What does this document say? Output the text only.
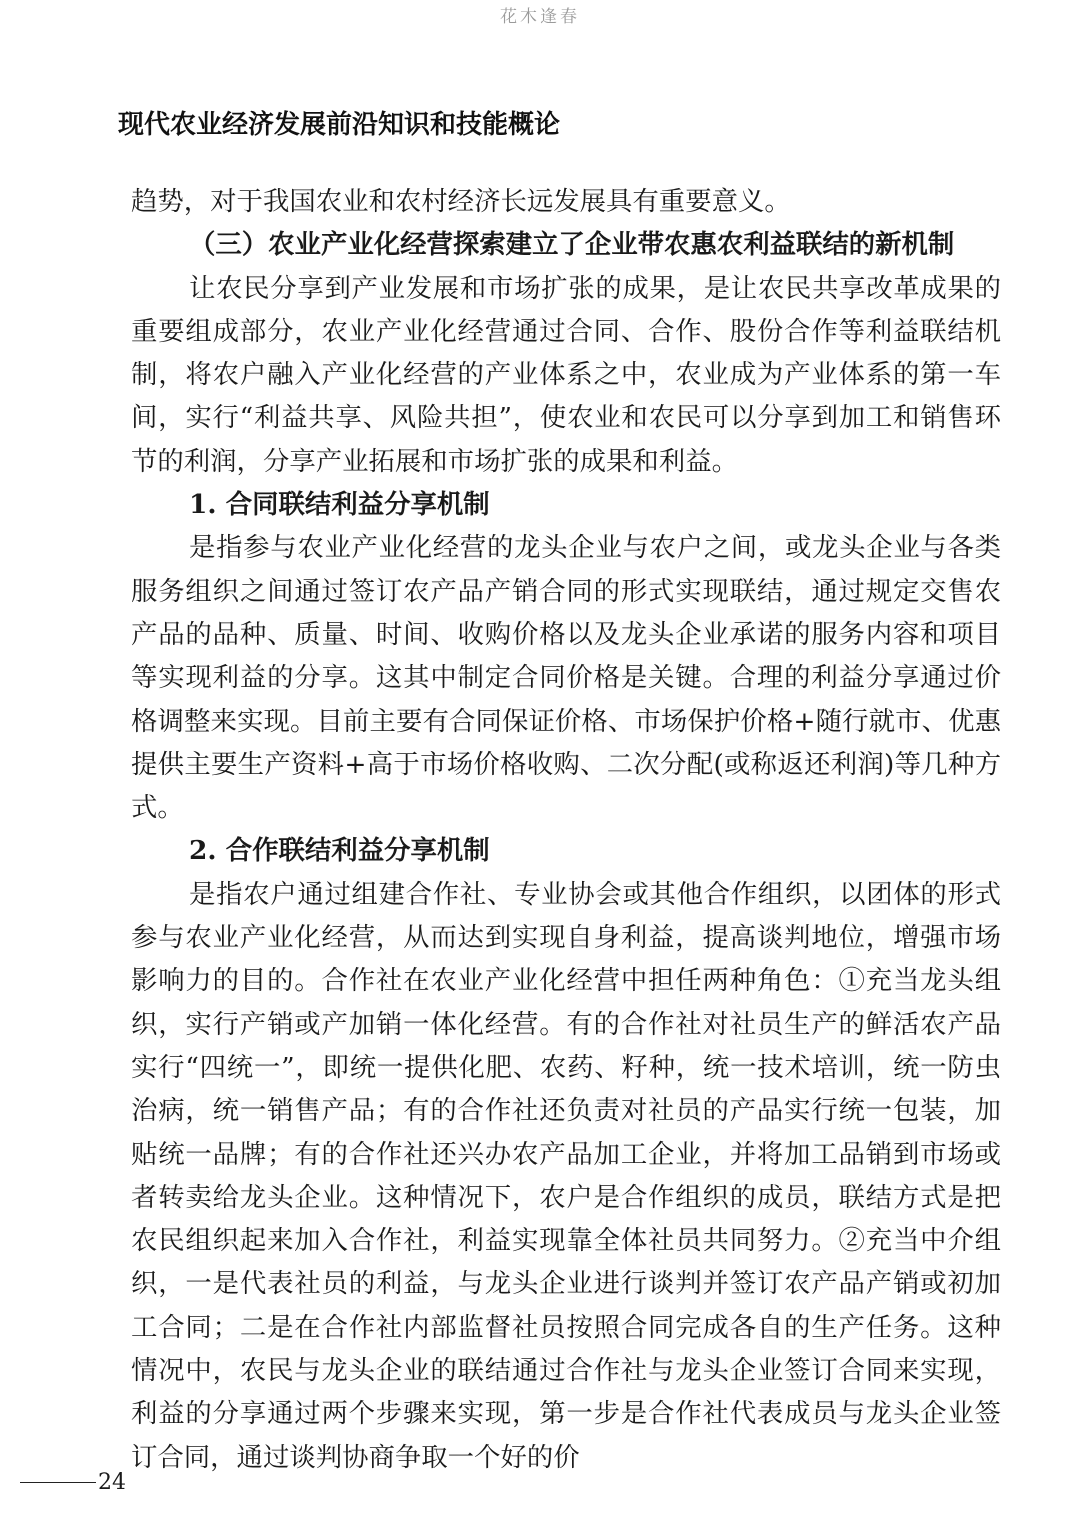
花木逢春
现代农业经济发展前沿知识和技能概论

趋势，对于我国农业和农村经济长远发展具有重要意义。

（三）农业产业化经营探索建立了企业带农惠农利益联结的新机制

让农民分享到产业发展和市场扩张的成果，是让农民共享改革成果的重要组成部分，农业产业化经营通过合同、合作、股份合作等利益联结机制，将农户融入产业化经营的产业体系之中，农业成为产业体系的第一车间，实行“利益共享、风险共担”，使农业和农民可以分享到加工和销售环节的利润，分享产业拓展和市场扩张的成果和利益。

1. 合同联结利益分享机制

是指参与农业产业化经营的龙头企业与农户之间，或龙头企业与各类服务组织之间通过签订农产品产销合同的形式实现联结，通过规定交售农产品的品种、质量、时间、收购价格以及龙头企业承诺的服务内容和项目等实现利益的分享。这其中制定合同价格是关键。合理的利益分享通过价格调整来实现。目前主要有合同保证价格、市场保护价格+随行就市、优惠提供主要生产资料+高于市场价格收购、二次分配(或称返还利润)等几种方式。

2. 合作联结利益分享机制

是指农户通过组建合作社、专业协会或其他合作组织，以团体的形式参与农业产业化经营，从而达到实现自身利益，提高谈判地位，增强市场影响力的目的。合作社在农业产业化经营中担任两种角色：①充当龙头组织，实行产销或产加销一体化经营。有的合作社对社员生产的鲜活农产品实行“四统一”，即统一提供化肥、农药、籽种，统一技术培训，统一防虫治病，统一销售产品；有的合作社还负责对社员的产品实行统一包装，加贴统一品牌；有的合作社还兴办农产品加工企业，并将加工品销到市场或者转卖给龙头企业。这种情况下，农户是合作组织的成员，联结方式是把农民组织起来加入合作社，利益实现靠全体社员共同努力。②充当中介组织，一是代表社员的利益，与龙头企业进行谈判并签订农产品产销或初加工合同；二是在合作社内部监督社员按照合同完成各自的生产任务。这种情况中，农民与龙头企业的联结通过合作社与龙头企业签订合同来实现，利益的分享通过两个步骤来实现，第一步是合作社代表成员与龙头企业签订合同，通过谈判协商争取一个好的价

24
